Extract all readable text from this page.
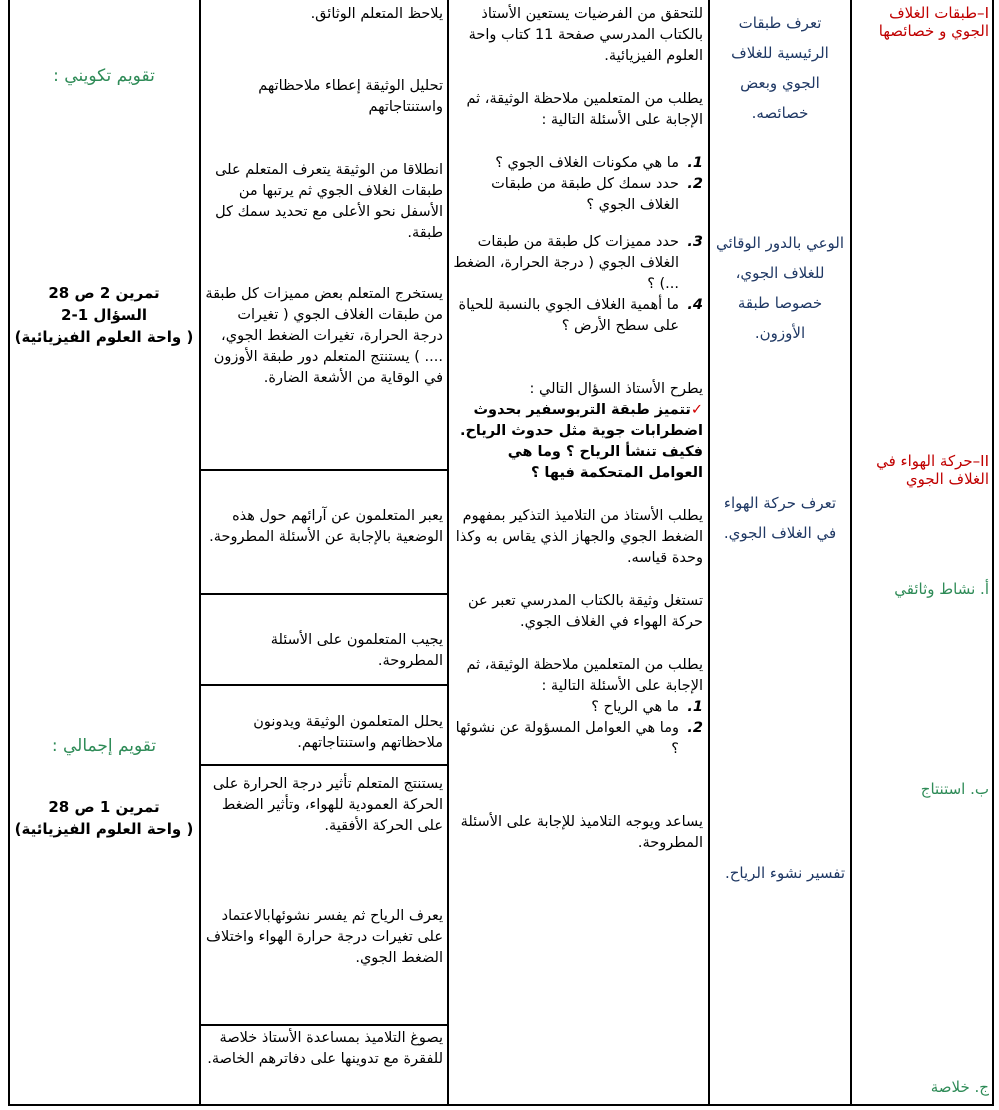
I–طبقات الغلاف الجوي و خصائصها
II–حركة الهواء في الغلاف الجوي
أ. نشاط وثائقي
ب. استنتاج
ج. خلاصة
تعرف طبقات الرئيسية للغلاف الجوي وبعض خصائصه.
الوعي بالدور الوقائي للغلاف الجوي، خصوصا طبقة الأوزون.
تعرف حركة الهواء في الغلاف الجوي.
تفسير نشوء الرياح.

للتحقق من الفرضيات يستعين الأستاذ بالكتاب المدرسي صفحة 11 كتاب واحة العلوم الفيزيائية.

يطلب من المتعلمين ملاحظة الوثيقة، ثم الإجابة على الأسئلة التالية :

1.
ما هي مكونات الغلاف الجوي ؟
2.
حدد سمك كل طبقة من طبقات الغلاف الجوي ؟
3.
حدد مميزات كل طبقة من طبقات الغلاف الجوي ( درجة الحرارة، الضغط ...) ؟
4.
ما أهمية الغلاف الجوي بالنسبة للحياة على سطح الأرض ؟

يطرح الأستاذ السؤال التالي :

✓تتميز طبقة التربوسفير بحدوث اضطرابات جوية مثل حدوث الرياح. فكيف تنشأ الرياح ؟ وما هي العوامل المتحكمة فيها ؟

يطلب الأستاذ من التلاميذ التذكير بمفهوم الضغط الجوي والجهاز الذي يقاس به وكذا وحدة قياسه.

تستغل وثيقة بالكتاب المدرسي تعبر عن حركة الهواء في الغلاف الجوي.

يطلب من المتعلمين ملاحظة الوثيقة، ثم الإجابة على الأسئلة التالية :

1.
ما هي الرياح ؟
2.
وما هي العوامل المسؤولة عن نشوئها ؟

يساعد ويوجه التلاميذ للإجابة على الأسئلة المطروحة.

يلاحظ المتعلم الوثائق.
تحليل الوثيقة إعطاء ملاحظاتهم واستنتاجاتهم
انطلاقا من الوثيقة يتعرف المتعلم على طبقات الغلاف الجوي ثم يرتبها من الأسفل نحو الأعلى مع تحديد سمك كل طبقة.
يستخرج المتعلم بعض مميزات كل طبقة من طبقات الغلاف الجوي ( تغيرات درجة الحرارة، تغيرات الضغط الجوي، .... ) يستنتج المتعلم دور طبقة الأوزون في الوقاية من الأشعة الضارة.
يعبر المتعلمون عن آرائهم حول هذه الوضعية بالإجابة عن الأسئلة المطروحة.
يجيب المتعلمون على الأسئلة المطروحة.
يحلل المتعلمون الوثيقة ويدونون ملاحظاتهم واستنتاجاتهم.
يستنتج المتعلم تأثير درجة الحرارة على الحركة العمودية للهواء، وتأثير الضغط على الحركة الأفقية.
يعرف الرياح ثم يفسر نشوئهابالاعتماد على تغيرات درجة حرارة الهواء واختلاف الضغط الجوي.
يصوغ التلاميذ بمساعدة الأستاذ خلاصة للفقرة مع تدوينها على دفاترهم الخاصة.
تقويم تكويني :
تمرين 2 ص 28
السؤال 1-2
( واحة العلوم الفيزيائية)
تقويم إجمالي :
تمرين 1 ص 28
( واحة العلوم الفيزيائية)
